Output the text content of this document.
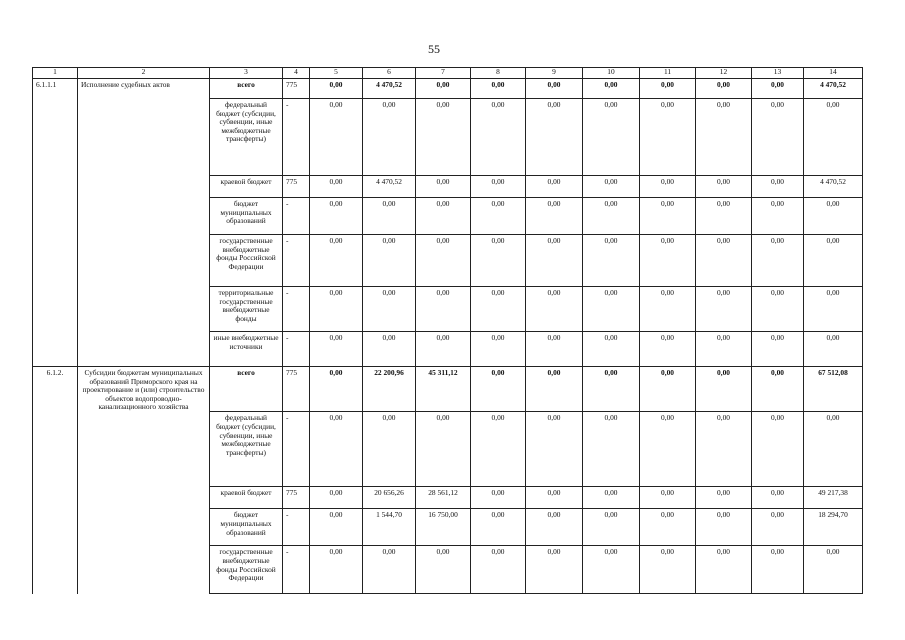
55
1	2	3	4	5	6	7	8	9	10	11	12	13	14
6.1.1.1	Исполнение судебных актов	всего	775	0,00	4 470,52	0,00	0,00	0,00	0,00	0,00	0,00	0,00	4 470,52
		федеральный бюджет (субсидии, субвенции, иные межбюджетные трансферты)	-	0,00	0,00	0,00	0,00	0,00	0,00	0,00	0,00	0,00	0,00
		краевой бюджет	775	0,00	4 470,52	0,00	0,00	0,00	0,00	0,00	0,00	0,00	4 470,52
		бюджет муниципальных образований	-	0,00	0,00	0,00	0,00	0,00	0,00	0,00	0,00	0,00	0,00
		государственные внебюджетные фонды Российской Федерации	-	0,00	0,00	0,00	0,00	0,00	0,00	0,00	0,00	0,00	0,00
		территориальные государственные внебюджетные фонды	-	0,00	0,00	0,00	0,00	0,00	0,00	0,00	0,00	0,00	0,00
		иные внебюджетные источники	-	0,00	0,00	0,00	0,00	0,00	0,00	0,00	0,00	0,00	0,00
6.1.2.	Субсидии бюджетам муниципальных образований Приморского края на проектирование и (или) строительство объектов водопроводно-канализационного хозяйства	всего	775	0,00	22 200,96	45 311,12	0,00	0,00	0,00	0,00	0,00	0,00	67 512,08
		федеральный бюджет (субсидии, субвенции, иные межбюджетные трансферты)	-	0,00	0,00	0,00	0,00	0,00	0,00	0,00	0,00	0,00	0,00
		краевой бюджет	775	0,00	20 656,26	28 561,12	0,00	0,00	0,00	0,00	0,00	0,00	49 217,38
		бюджет муниципальных образований	-	0,00	1 544,70	16 750,00	0,00	0,00	0,00	0,00	0,00	0,00	18 294,70
		государственные внебюджетные фонды Российской Федерации	-	0,00	0,00	0,00	0,00	0,00	0,00	0,00	0,00	0,00	0,00
